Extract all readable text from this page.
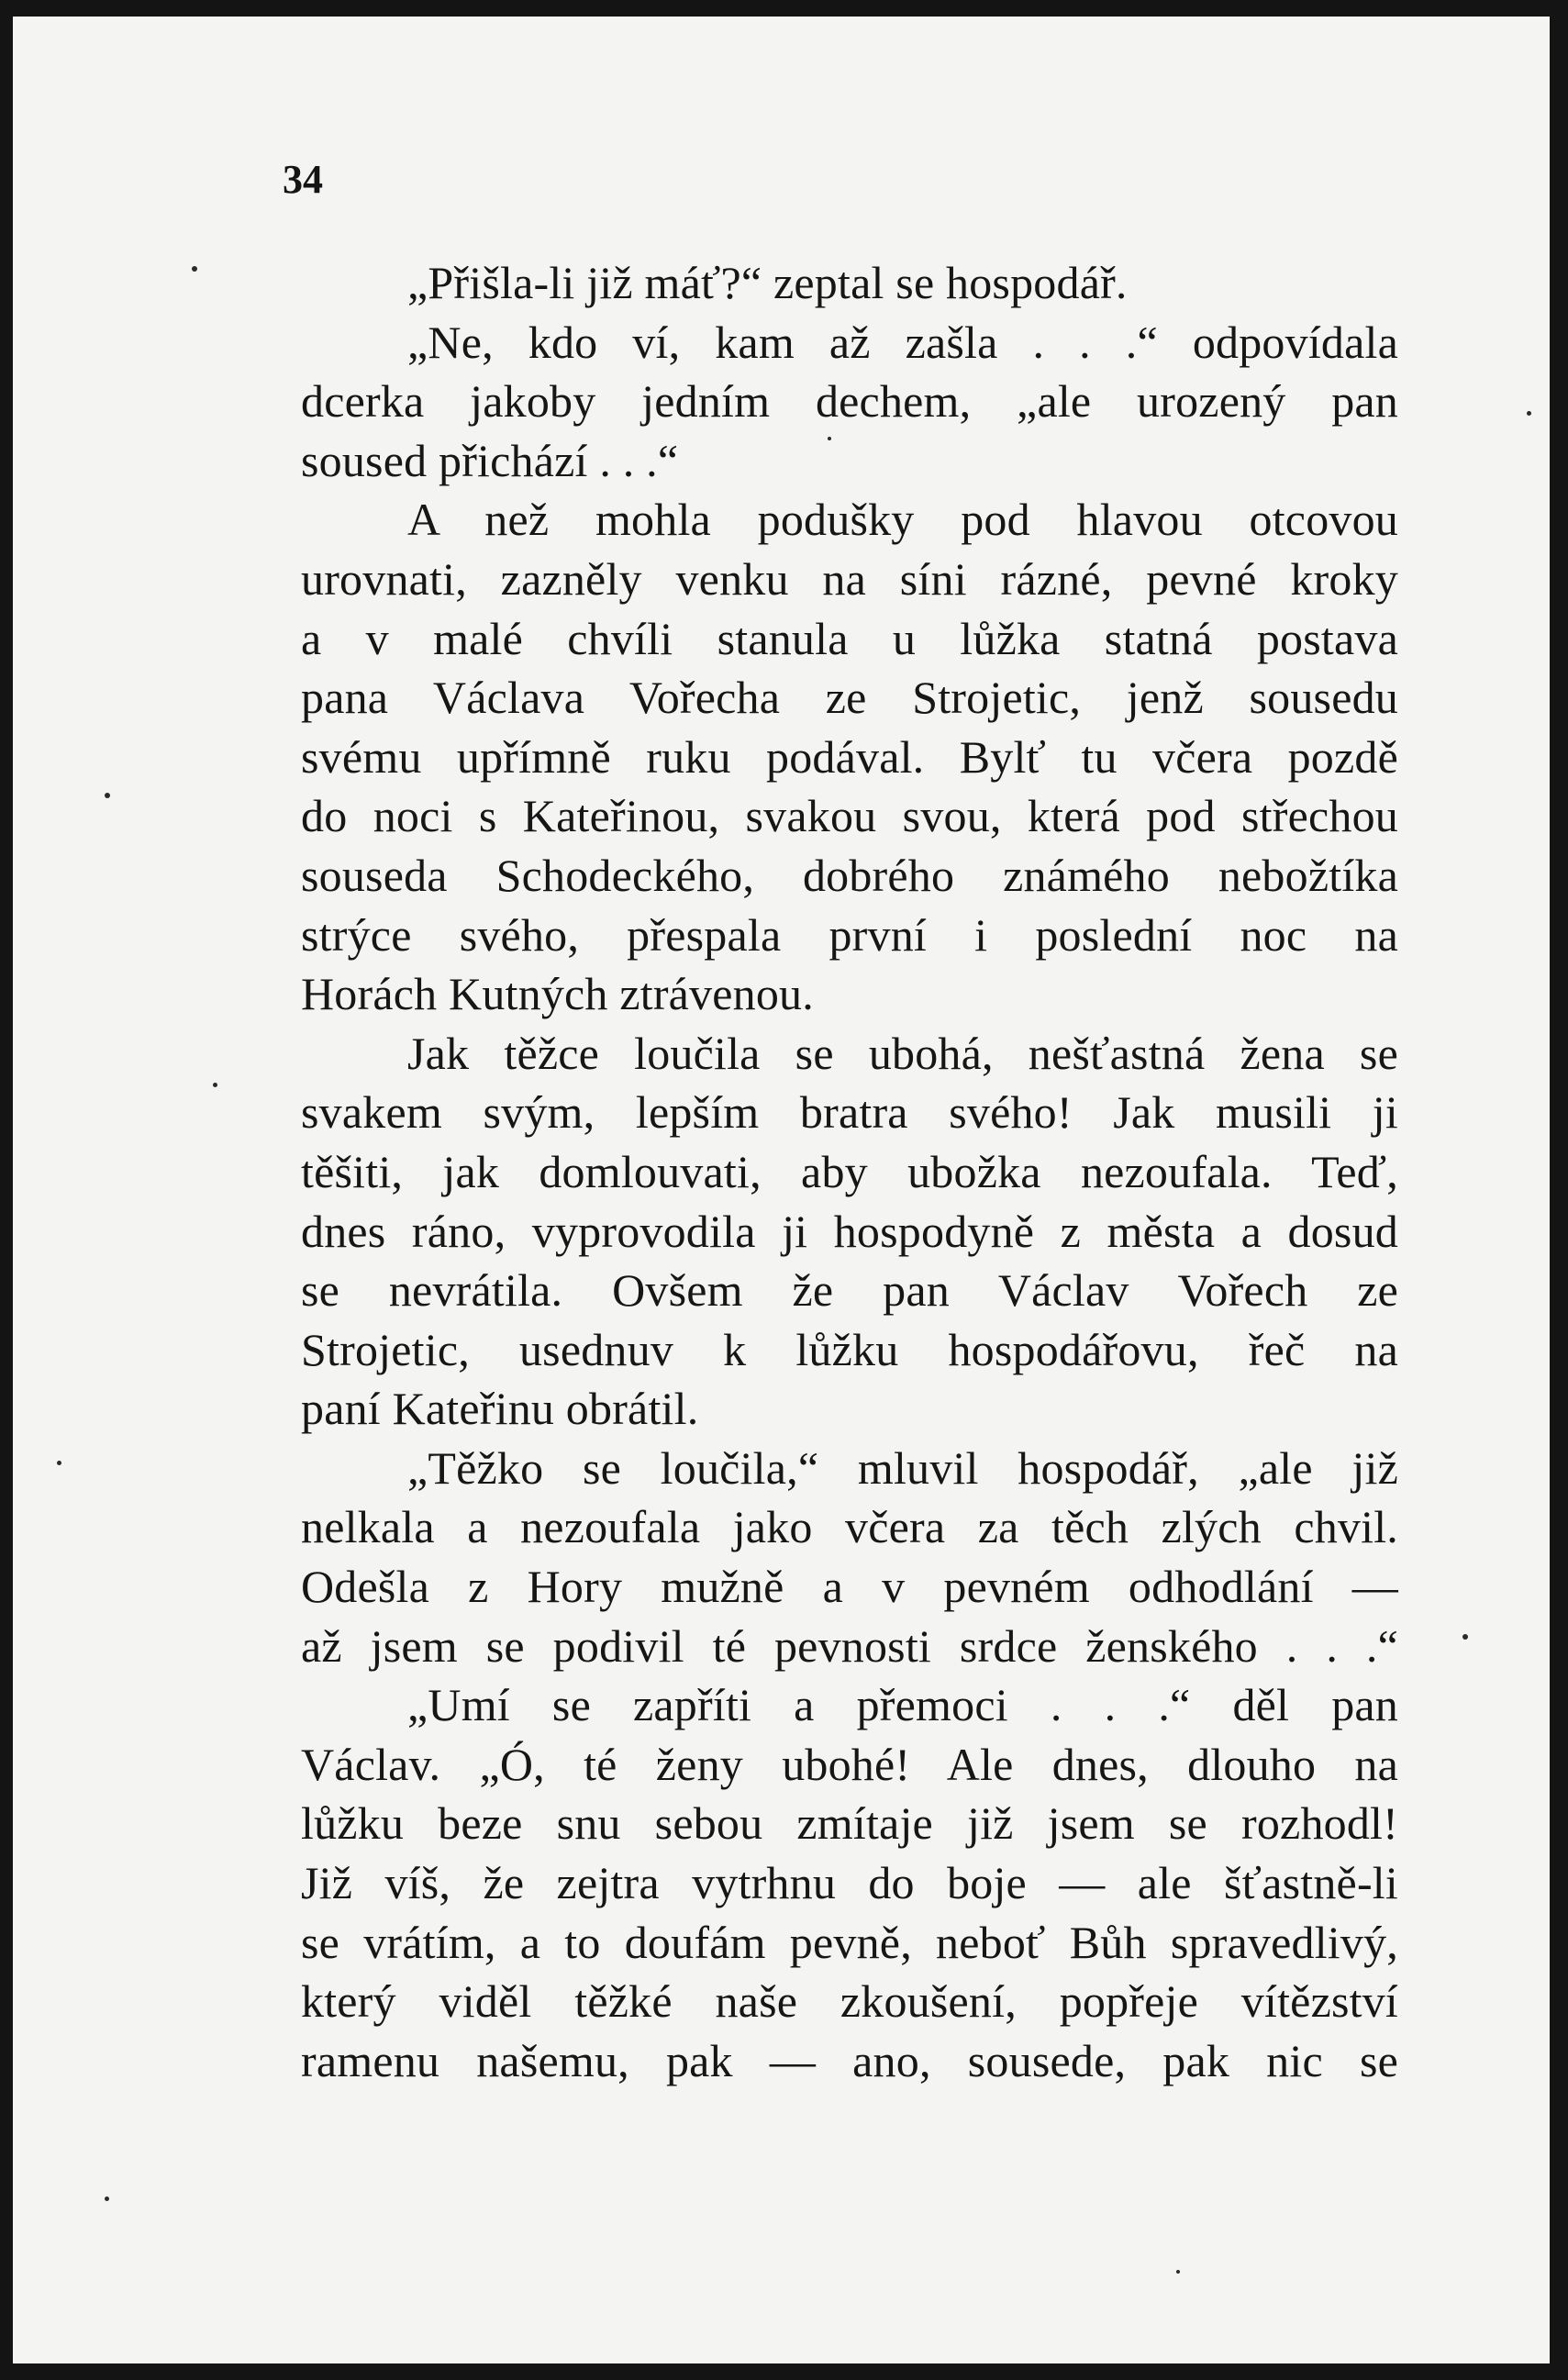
34
„Přišla-li již máť?“ zeptal se hospodář.
„Ne, kdo ví, kam až zašla . . .“ odpovídala
dcerka jakoby jedním dechem, „ale urozený pan
soused přichází . . .“
A než mohla podušky pod hlavou otcovou
urovnati, zazněly venku na síni rázné, pevné kroky
a v malé chvíli stanula u lůžka statná postava
pana Václava Vořecha ze Strojetic, jenž sousedu
svému upřímně ruku podával. Bylť tu včera pozdě
do noci s Kateřinou, svakou svou, která pod střechou
souseda Schodeckého, dobrého známého nebožtíka
strýce svého, přespala první i poslední noc na
Horách Kutných ztrávenou.
Jak těžce loučila se ubohá, nešťastná žena se
svakem svým, lepším bratra svého! Jak musili ji
těšiti, jak domlouvati, aby ubožka nezoufala. Teď,
dnes ráno, vyprovodila ji hospodyně z města a dosud
se nevrátila. Ovšem že pan Václav Vořech ze
Strojetic, usednuv k lůžku hospodářovu, řeč na
paní Kateřinu obrátil.
„Těžko se loučila,“ mluvil hospodář, „ale již
nelkala a nezoufala jako včera za těch zlých chvil.
Odešla z Hory mužně a v pevném odhodlání —
až jsem se podivil té pevnosti srdce ženského . . .“
„Umí se zapříti a přemoci . . .“ děl pan
Václav. „Ó, té ženy ubohé! Ale dnes, dlouho na
lůžku beze snu sebou zmítaje již jsem se rozhodl!
Již víš, že zejtra vytrhnu do boje — ale šťastně-li
se vrátím, a to doufám pevně, neboť Bůh spravedlivý,
který viděl těžké naše zkoušení, popřeje vítězství
ramenu našemu, pak — ano, sousede, pak nic se
